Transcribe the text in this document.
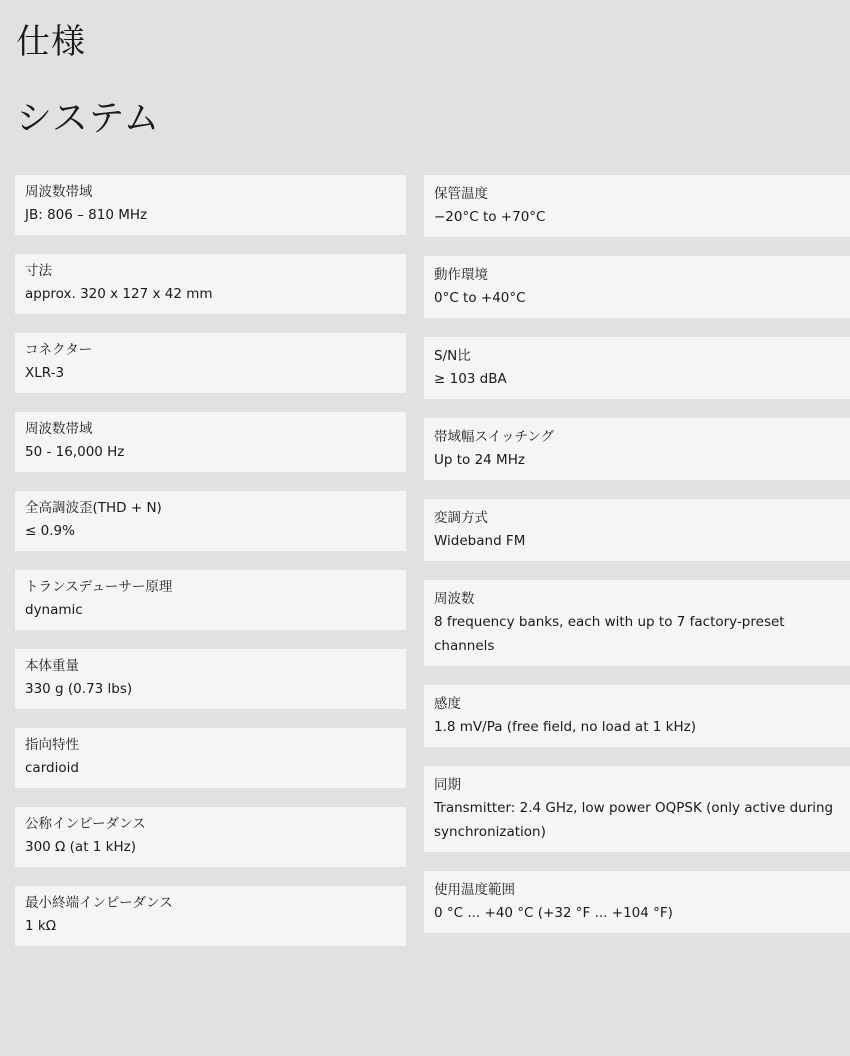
仕様
システム
周波数帯域
JB: 806 – 810 MHz
寸法
approx. 320 x 127 x 42 mm
コネクター
XLR-3
周波数帯域
50 - 16,000 Hz
全高調波歪(THD + N)
≤ 0.9%
トランスデューサー原理
dynamic
本体重量
330 g (0.73 lbs)
指向特性
cardioid
公称インピーダンス
300 Ω (at 1 kHz)
最小終端インピーダンス
1 kΩ
保管温度
−20°C to +70°C
動作環境
0°C to +40°C
S/N比
≥ 103 dBA
帯域幅スイッチング
Up to 24 MHz
変調方式
Wideband FM
周波数
8 frequency banks, each with up to 7 factory-preset channels
感度
1.8 mV/Pa (free field, no load at 1 kHz)
同期
Transmitter: 2.4 GHz, low power OQPSK (only active during synchronization)
使用温度範囲
0 °C ... +40 °C (+32 °F ... +104 °F)
